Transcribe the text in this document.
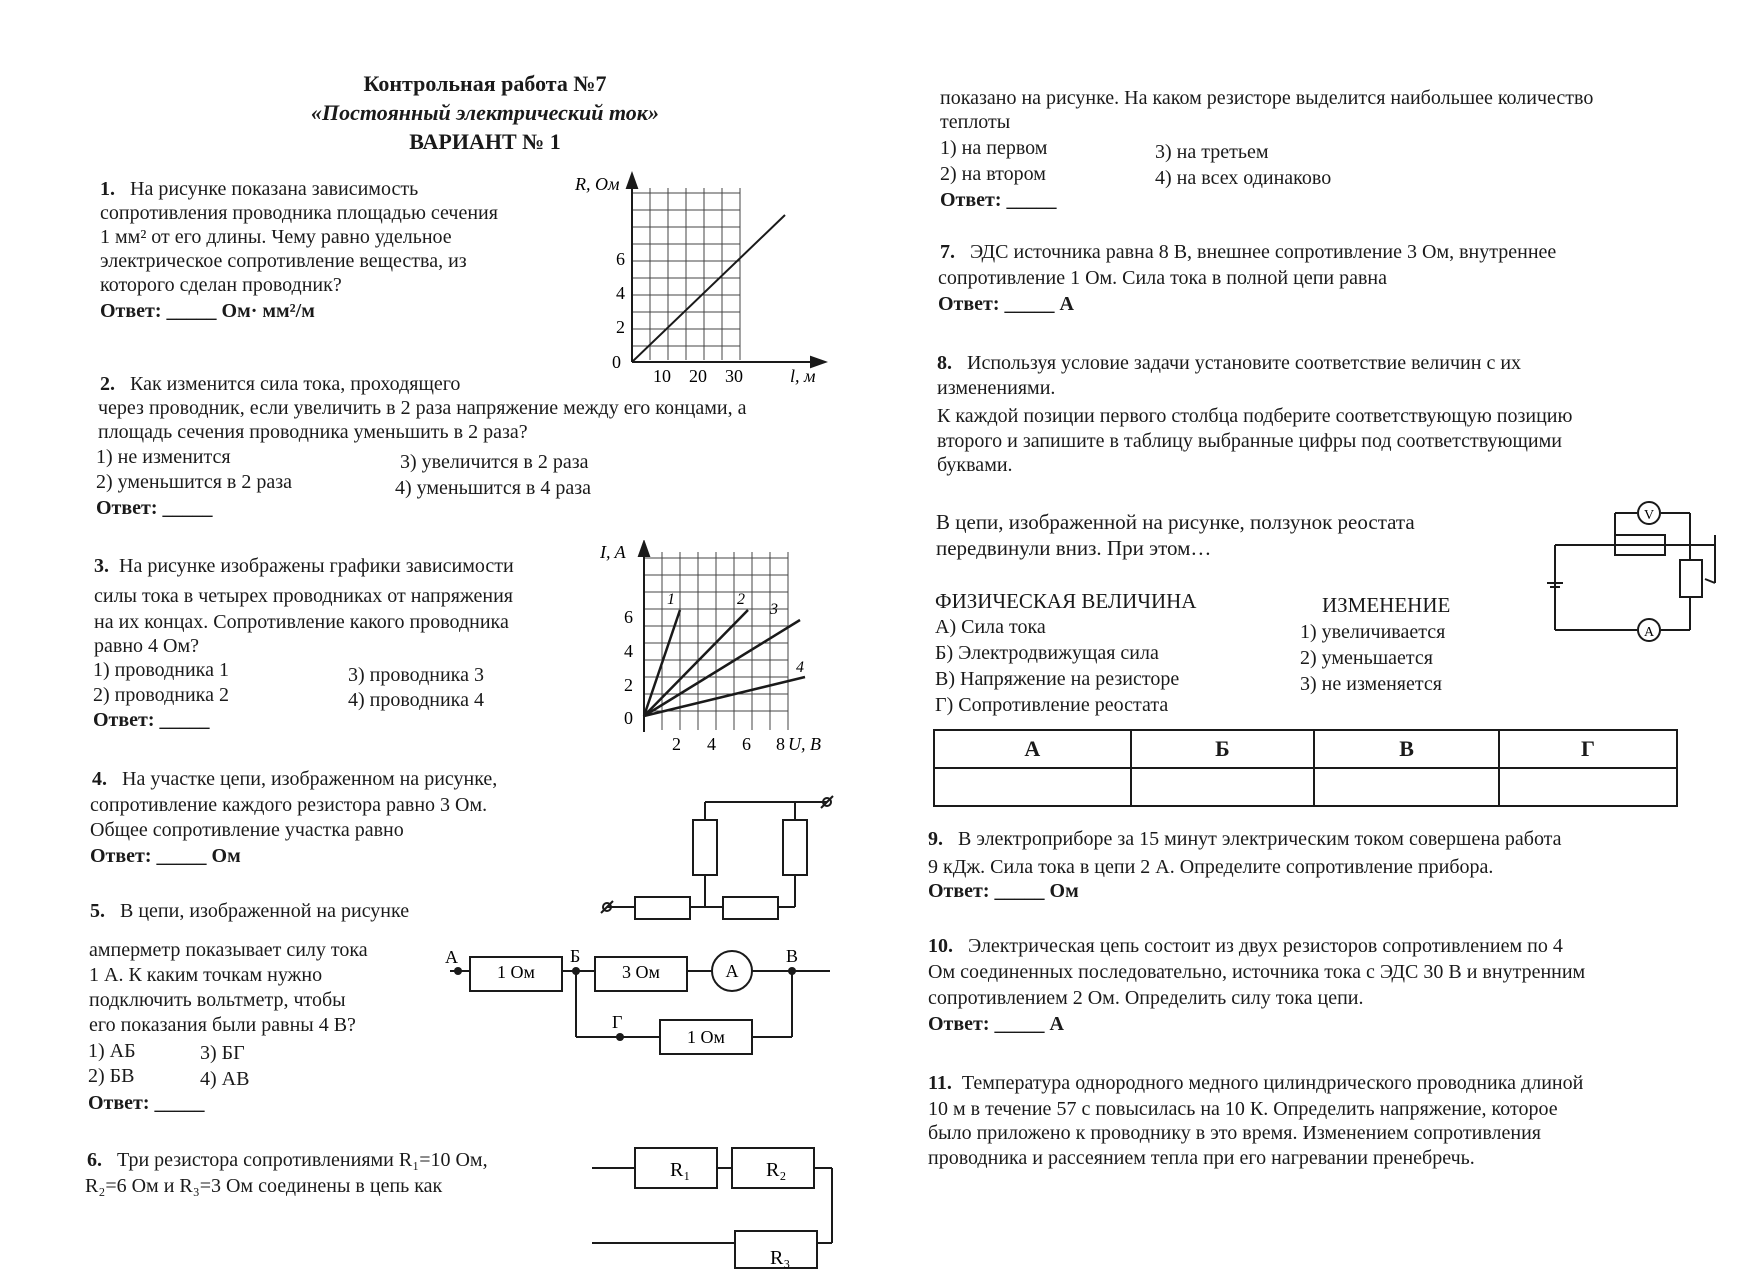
Контрольная работа №7
«Постоянный электрический ток»
ВАРИАНТ № 1
1. На рисунке показана зависимость
сопротивления проводника площадью сечения
1 мм² от его длины. Чему равно удельное
электрическое сопротивление вещества, из
которого сделан проводник?
Ответ: _____ Ом· мм²/м
R, Ом
l, м
0
2
4
6
10 20 30
2. Как изменится сила тока, проходящего
через проводник, если увеличить в 2 раза напряжение между его концами, а
площадь сечения проводника уменьшить в 2 раза?
1) не изменится
2) уменьшится в 2 раза
3) увеличится в 2 раза
4) уменьшится в 4 раза
Ответ: _____
3. На рисунке изображены графики зависимости
силы тока в четырех проводниках от напряжения
на их концах. Сопротивление какого проводника
равно 4 Ом?
1) проводника 1
2) проводника 2
3) проводника 3
4) проводника 4
Ответ: _____
1	2
3
4
I, A
U, В
0
2
4
6
2 4 6 8
4. На участке цепи, изображенном на рисунке,
сопротивление каждого резистора равно 3 Ом.
Общее сопротивление участка равно
Ответ: _____ Ом
5. В цепи, изображенной на рисунке
амперметр показывает силу тока
1 А. К каким точкам нужно
подключить вольтметр, чтобы
его показания были равны 4 В?
1) АБ	3) БГ
2) БВ	4) АВ
Ответ: _____
1 Ом	3 Ом
1 Ом
A
А	Б	В
Г
6. Три резистора сопротивлениями R₁=10 Ом,
R₂=6 Ом и R₃=3 Ом соединены в цепь как
R₁	R₂
R₃
показано на рисунке. На каком резисторе выделится наибольшее количество
теплоты
1) на первом
2) на втором
3) на третьем
4) на всех одинаково
Ответ: _____
7. ЭДС источника равна 8 В, внешнее сопротивление 3 Ом, внутреннее
сопротивление 1 Ом. Сила тока в полной цепи равна
Ответ: _____ А
8. Используя условие задачи установите соответствие величин с их
изменениями.
К каждой позиции первого столбца подберите соответствующую позицию
второго и запишите в таблицу выбранные цифры под соответствующими
буквами.
В цепи, изображенной на рисунке, ползунок реостата
передвинули вниз. При этом…
ФИЗИЧЕСКАЯ ВЕЛИЧИНА
А) Сила тока
Б) Электродвижущая сила
В) Напряжение на резисторе
Г) Сопротивление реостата
ИЗМЕНЕНИЕ
1) увеличивается
2) уменьшается
3) не изменяется
А	Б	В	Г

V
A
9. В электроприборе за 15 минут электрическим током совершена работа
9 кДж. Сила тока в цепи 2 А. Определите сопротивление прибора.
Ответ: _____ Ом
10. Электрическая цепь состоит из двух резисторов сопротивлением по 4
Ом соединенных последовательно, источника тока с ЭДС 30 В и внутренним
сопротивлением 2 Ом. Определить силу тока цепи.
Ответ: _____ А
11. Температура однородного медного цилиндрического проводника длиной
10 м в течение 57 с повысилась на 10 К. Определить напряжение, которое
было приложено к проводнику в это время. Изменением сопротивления
проводника и рассеянием тепла при его нагревании пренебречь.
